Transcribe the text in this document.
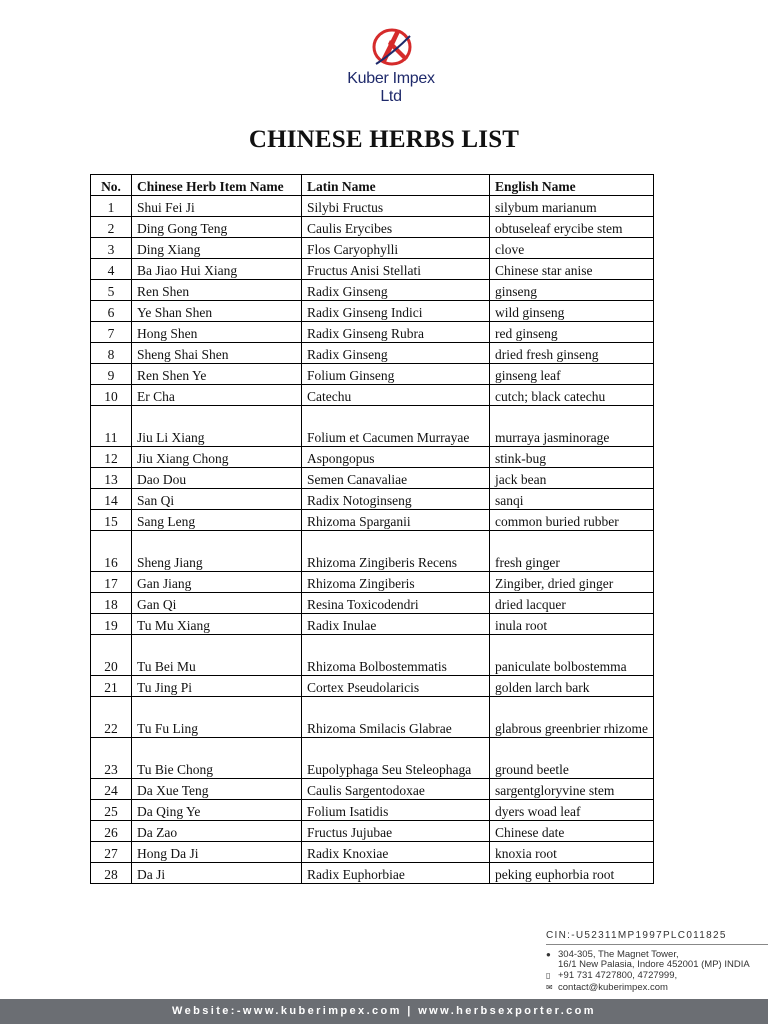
Kuber Impex Ltd
CHINESE HERBS LIST
No.	Chinese Herb Item Name	Latin Name	English Name
1	Shui Fei Ji	Silybi Fructus	silybum marianum
2	Ding Gong Teng	Caulis Erycibes	obtuseleaf erycibe stem
3	Ding Xiang	Flos Caryophylli	clove
4	Ba Jiao Hui Xiang	Fructus Anisi Stellati	Chinese star anise
5	Ren Shen	Radix Ginseng	ginseng
6	Ye Shan Shen	Radix Ginseng Indici	wild ginseng
7	Hong Shen	Radix Ginseng Rubra	red ginseng
8	Sheng Shai Shen	Radix Ginseng	dried fresh ginseng
9	Ren Shen Ye	Folium Ginseng	ginseng leaf
10	Er Cha	Catechu	cutch; black catechu
11	Jiu Li Xiang	Folium et Cacumen Murrayae	murraya jasminorage
12	Jiu Xiang Chong	Aspongopus	stink-bug
13	Dao Dou	Semen Canavaliae	jack bean
14	San Qi	Radix Notoginseng	sanqi
15	Sang Leng	Rhizoma Sparganii	common buried rubber
16	Sheng Jiang	Rhizoma Zingiberis Recens	fresh ginger
17	Gan Jiang	Rhizoma Zingiberis	Zingiber, dried ginger
18	Gan Qi	Resina Toxicodendri	dried lacquer
19	Tu Mu Xiang	Radix Inulae	inula root
20	Tu Bei Mu	Rhizoma Bolbostemmatis	paniculate bolbostemma
21	Tu Jing Pi	Cortex Pseudolaricis	golden larch bark
22	Tu Fu Ling	Rhizoma Smilacis Glabrae	glabrous greenbrier rhizome
23	Tu Bie Chong	Eupolyphaga Seu Steleophaga	ground beetle
24	Da Xue Teng	Caulis Sargentodoxae	sargentgloryvine stem
25	Da Qing Ye	Folium Isatidis	dyers woad leaf
26	Da Zao	Fructus Jujubae	Chinese date
27	Hong Da Ji	Radix Knoxiae	knoxia root
28	Da Ji	Radix Euphorbiae	peking euphorbia root
CIN:-U52311MP1997PLC011825
● 304-305, The Magnet Tower,
16/1 New Palasia, Indore 452001 (MP) INDIA
▯ +91 731 4727800, 4727999,
✉ contact@kuberimpex.com
Website:-www.kuberimpex.com | www.herbsexporter.com
